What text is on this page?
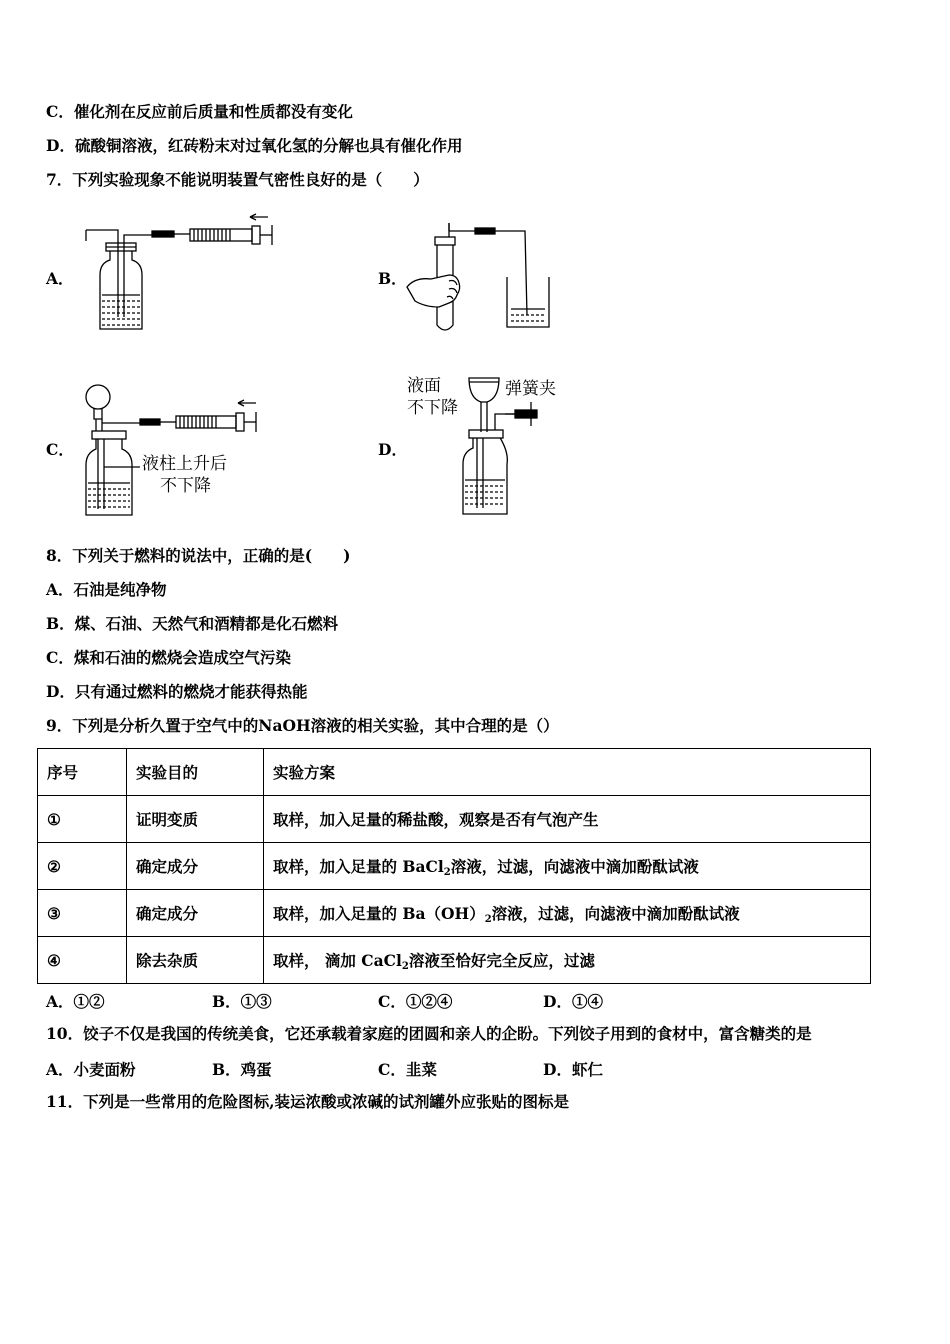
C．催化剂在反应前后质量和性质都没有变化
D．硫酸铜溶液，红砖粉末对过氧化氢的分解也具有催化作用
7．下列实验现象不能说明装置气密性良好的是（　　）
A．	B．
C．	D．
液柱上升后
不下降
液面
不下降
弹簧夹
8．下列关于燃料的说法中，正确的是(　　)
A．石油是纯净物
B．煤、石油、天然气和酒精都是化石燃料
C．煤和石油的燃烧会造成空气污染
D．只有通过燃料的燃烧才能获得热能
9．下列是分析久置于空气中的NaOH溶液的相关实验，其中合理的是（）
序号	实验目的	实验方案
①	证明变质	取样，加入足量的稀盐酸，观察是否有气泡产生
②	确定成分	取样，加入足量的 BaCl$_2$溶液，过滤，向滤液中滴加酚酞试液
③	确定成分	取样，加入足量的 $Ba(OH)_2$溶液，过滤，向滤液中滴加酚酞试液
④	除去杂质	取样， 滴加 CaCl$_2$溶液至恰好完全反应，过滤
A．①②	B．①③	C．①②④	D．①④
10．饺子不仅是我国的传统美食，它还承载着家庭的团圆和亲人的企盼。下列饺子用到的食材中，富含糖类的是
A．小麦面粉	B．鸡蛋	C．韭菜	D．虾仁
11．下列是一些常用的危险图标,装运浓酸或浓碱的试剂罐外应张贴的图标是
